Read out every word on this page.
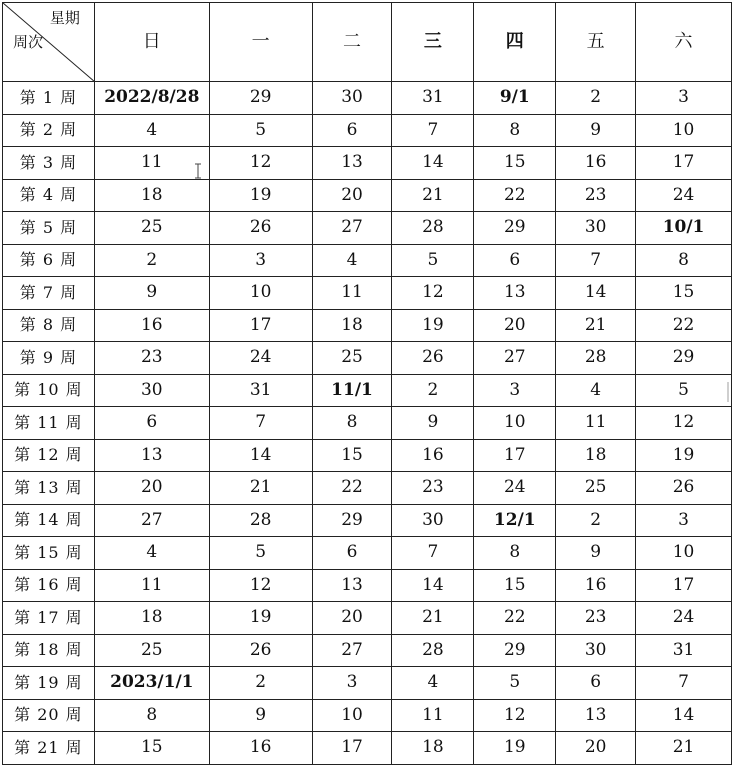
星期
周次	日	一	二	三	四	五	六
第 1 周	2022/8/28	29	30	31	9/1	2	3
第 2 周	4	5	6	7	8	9	10
第 3 周	11	12	13	14	15	16	17
第 4 周	18	19	20	21	22	23	24
第 5 周	25	26	27	28	29	30	10/1
第 6 周	2	3	4	5	6	7	8
第 7 周	9	10	11	12	13	14	15
第 8 周	16	17	18	19	20	21	22
第 9 周	23	24	25	26	27	28	29
第 10 周	30	31	11/1	2	3	4	5
第 11 周	6	7	8	9	10	11	12
第 12 周	13	14	15	16	17	18	19
第 13 周	20	21	22	23	24	25	26
第 14 周	27	28	29	30	12/1	2	3
第 15 周	4	5	6	7	8	9	10
第 16 周	11	12	13	14	15	16	17
第 17 周	18	19	20	21	22	23	24
第 18 周	25	26	27	28	29	30	31
第 19 周	2023/1/1	2	3	4	5	6	7
第 20 周	8	9	10	11	12	13	14
第 21 周	15	16	17	18	19	20	21
